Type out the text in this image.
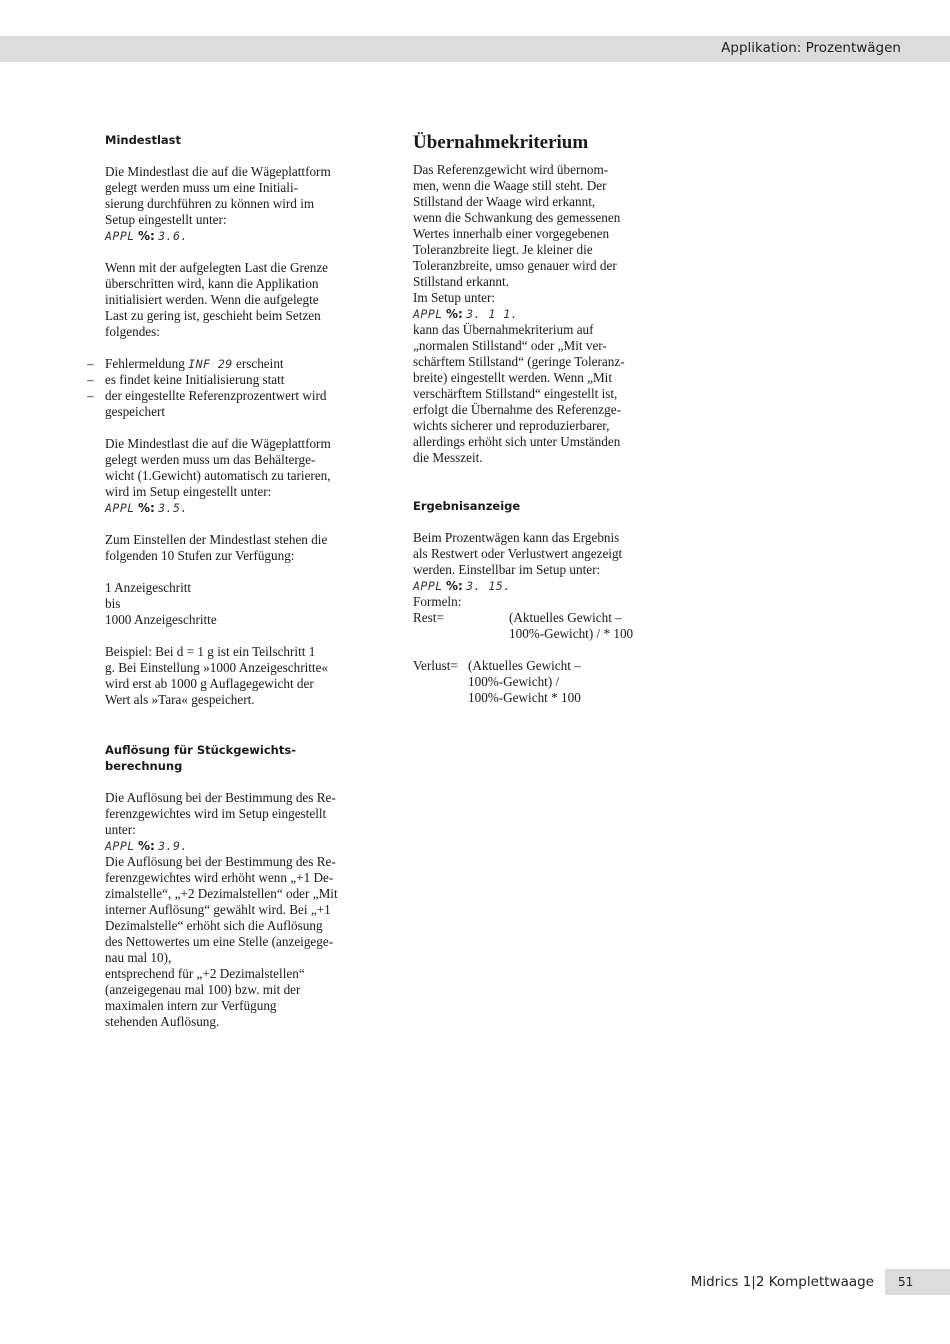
Applikation: Prozentwägen
Mindestlast

Die Mindestlast die auf die Wägeplattform
gelegt werden muss um eine Initiali-
sierung durchführen zu können wird im
Setup eingestellt unter:

APPL %: 3.6.

Wenn mit der aufgelegten Last die Grenze
überschritten wird, kann die Applikation
initialisiert werden. Wenn die aufgelegte
Last zu gering ist, geschieht beim Setzen
folgendes:

– Fehlermeldung INF 29 erscheint
– es findet keine Initialisierung statt
– der eingestellte Referenzprozentwert wird
gespeichert

Die Mindestlast die auf die Wägeplattform
gelegt werden muss um das Behälterge-
wicht (1.Gewicht) automatisch zu tarieren,
wird im Setup eingestellt unter:

APPL %: 3.5.

Zum Einstellen der Mindestlast stehen die
folgenden 10 Stufen zur Verfügung:

1 Anzeigeschritt
bis
1000 Anzeigeschritte

Beispiel: Bei d = 1 g ist ein Teilschritt 1
g. Bei Einstellung »1000 Anzeigeschritte«
wird erst ab 1000 g Auflagegewicht der
Wert als »Tara« gespeichert.

Auflösung für Stückgewichts-
berechnung

Die Auflösung bei der Bestimmung des Re-
ferenzgewichtes wird im Setup eingestellt
unter:

APPL %: 3.9.

Die Auflösung bei der Bestimmung des Re-
ferenzgewichtes wird erhöht wenn „+1 De-
zimalstelle“, „+2 Dezimalstellen“ oder „Mit
interner Auflösung“ gewählt wird. Bei „+1
Dezimalstelle“ erhöht sich die Auflösung
des Nettowertes um eine Stelle (anzeigege-
nau mal 10),
entsprechend für „+2 Dezimalstellen“
(anzeigegenau mal 100) bzw. mit der
maximalen intern zur Verfügung
stehenden Auflösung.

Übernahmekriterium

Das Referenzgewicht wird übernom-
men, wenn die Waage still steht. Der
Stillstand der Waage wird erkannt,
wenn die Schwankung des gemessenen
Wertes innerhalb einer vorgegebenen
Toleranzbreite liegt. Je kleiner die
Toleranzbreite, umso genauer wird der
Stillstand erkannt.
Im Setup unter:

APPL %: 3. 1 1.

kann das Übernahmekriterium auf
„normalen Stillstand“ oder „Mit ver-
schärftem Stillstand“ (geringe Toleranz-
breite) eingestellt werden. Wenn „Mit
verschärftem Stillstand“ eingestellt ist,
erfolgt die Übernahme des Referenzge-
wichts sicherer und reproduzierbarer,
allerdings erhöht sich unter Umständen
die Messzeit.

Ergebnisanzeige

Beim Prozentwägen kann das Ergebnis
als Restwert oder Verlustwert angezeigt
werden. Einstellbar im Setup unter:

APPL %: 3. 15.

Formeln:

Rest=	(Aktuelles Gewicht –
100%-Gewicht) / * 100
Verlust= (Aktuelles Gewicht –
100%-Gewicht) /
100%-Gewicht * 100
Midrics 1|2 Komplettwaage 51
